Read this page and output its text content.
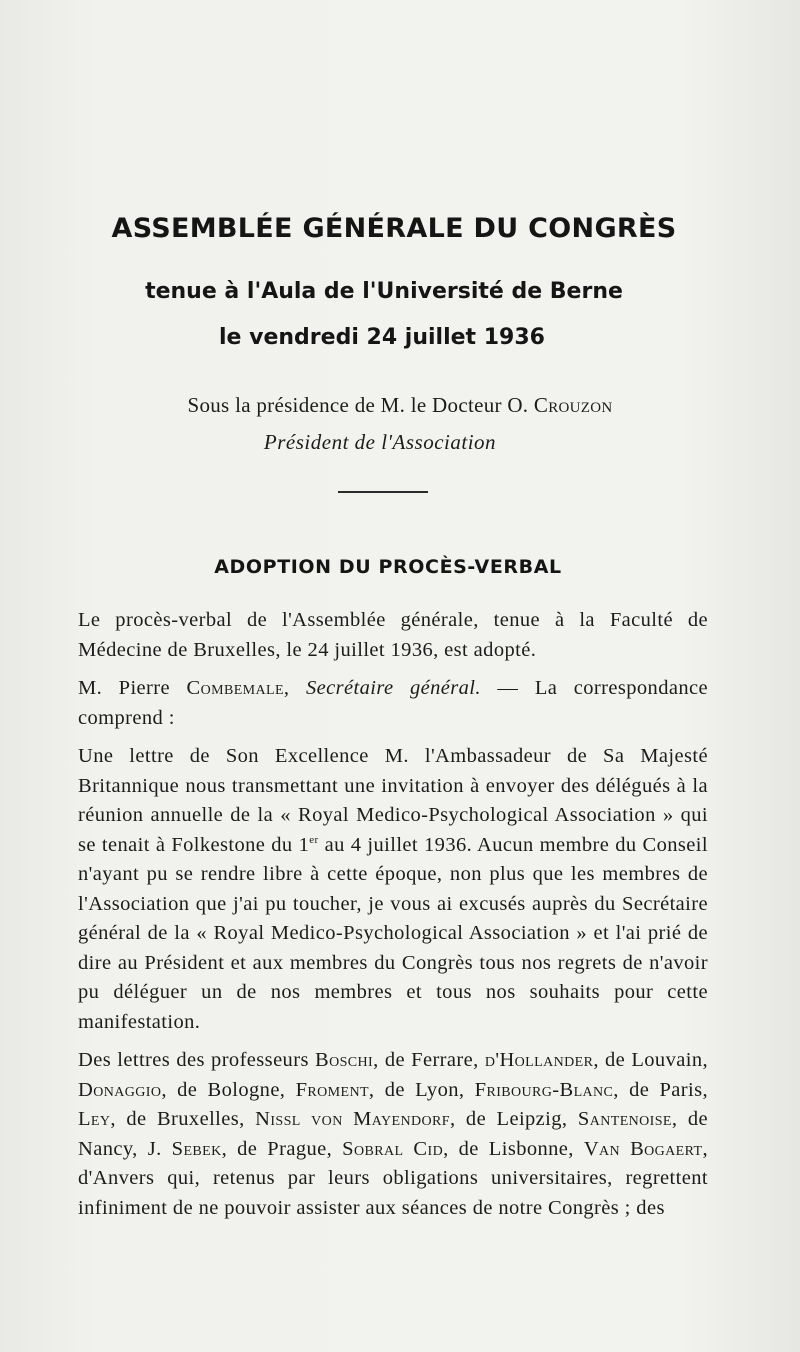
ASSEMBLÉE GÉNÉRALE DU CONGRÈS
tenue à l'Aula de l'Université de Berne
le vendredi 24 juillet 1936
Sous la présidence de M. le Docteur O. Crouzon
Président de l'Association
ADOPTION DU PROCÈS-VERBAL

Le procès-verbal de l'Assemblée générale, tenue à la Faculté de Médecine de Bruxelles, le 24 juillet 1936, est adopté.

M. Pierre Combemale, Secrétaire général. — La correspondance comprend :

Une lettre de Son Excellence M. l'Ambassadeur de Sa Majesté Britannique nous transmettant une invitation à envoyer des délégués à la réunion annuelle de la « Royal Medico-Psychological Association » qui se tenait à Folkestone du 1er au 4 juillet 1936. Aucun membre du Conseil n'ayant pu se rendre libre à cette époque, non plus que les membres de l'Association que j'ai pu toucher, je vous ai excusés auprès du Secrétaire général de la « Royal Medico-Psychological Association » et l'ai prié de dire au Président et aux membres du Congrès tous nos regrets de n'avoir pu déléguer un de nos membres et tous nos souhaits pour cette manifestation.

Des lettres des professeurs Boschi, de Ferrare, d'Hollander, de Louvain, Donaggio, de Bologne, Froment, de Lyon, Fribourg-Blanc, de Paris, Ley, de Bruxelles, Nissl von Mayendorf, de Leipzig, Santenoise, de Nancy, J. Sebek, de Prague, Sobral Cid, de Lisbonne, Van Bogaert, d'Anvers qui, retenus par leurs obligations universitaires, regrettent infiniment de ne pouvoir assister aux séances de notre Congrès ; des
